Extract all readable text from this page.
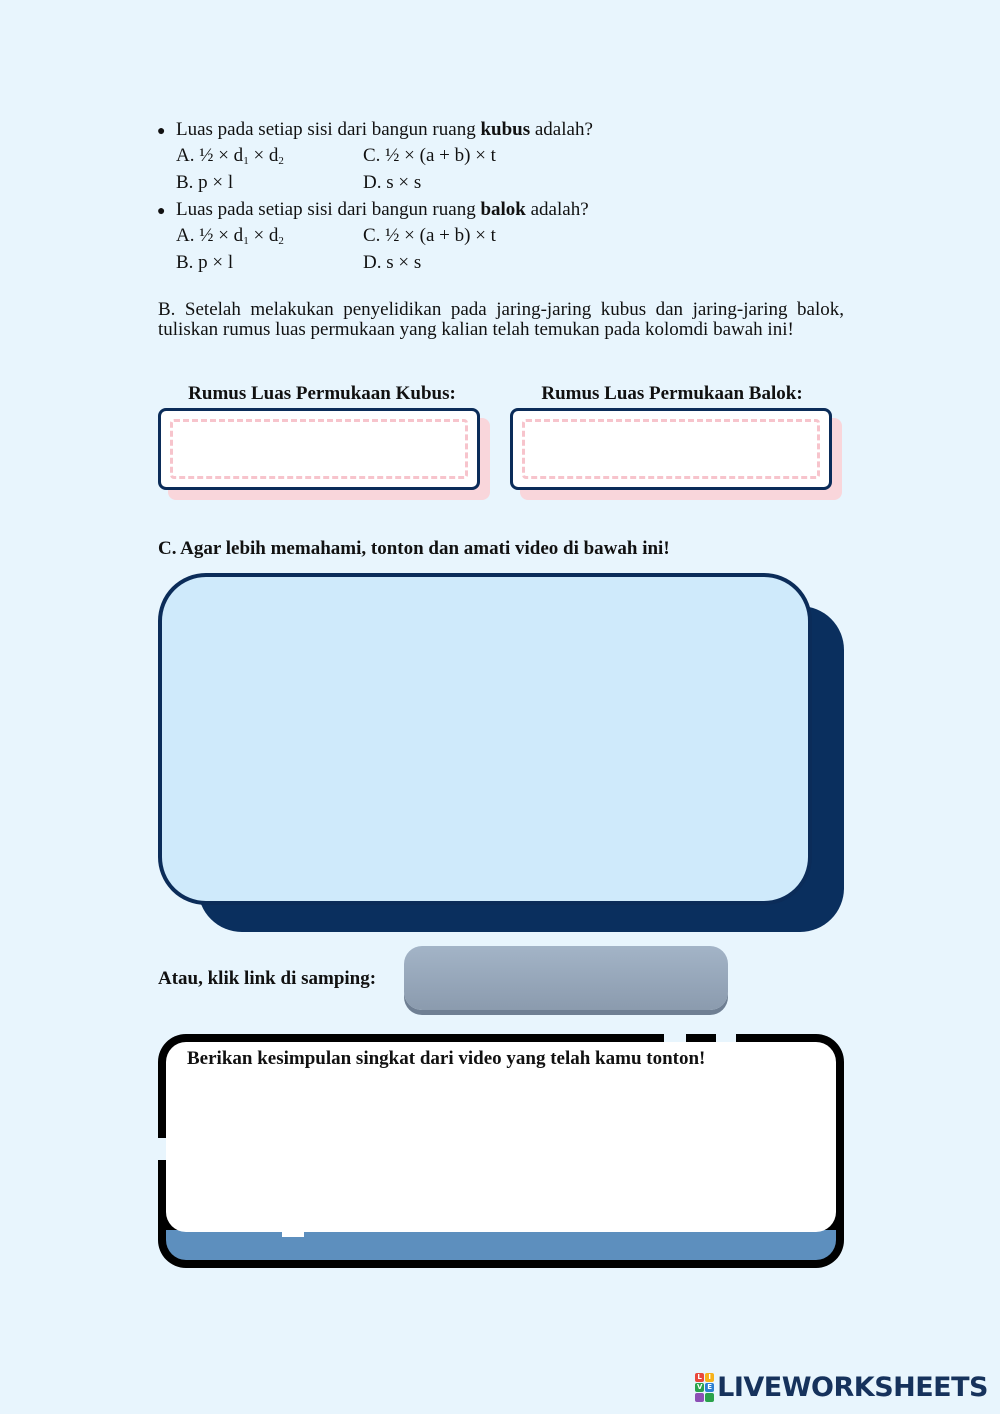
● Luas pada setiap sisi dari bangun ruang kubus adalah?
A. ½ × $d_1 \times d_2$	C. ½ × (a + b) × t
B. p × l	D. s × s
● Luas pada setiap sisi dari bangun ruang balok adalah?
A. ½ × $d_1 \times d_2$	C. ½ × (a + b) × t
B. p × l	D. s × s
B. Setelah melakukan penyelidikan pada jaring-jaring kubus dan jaring-jaring balok, tuliskan rumus luas permukaan yang kalian telah temukan pada kolomdi bawah ini!
Rumus Luas Permukaan Kubus:	Rumus Luas Permukaan Balok:
C. Agar lebih memahami, tonton dan amati video di bawah ini!
Atau, klik link di samping:
Berikan kesimpulan singkat dari video yang telah kamu tonton!
L I
V E LIVEWORKSHEETS
